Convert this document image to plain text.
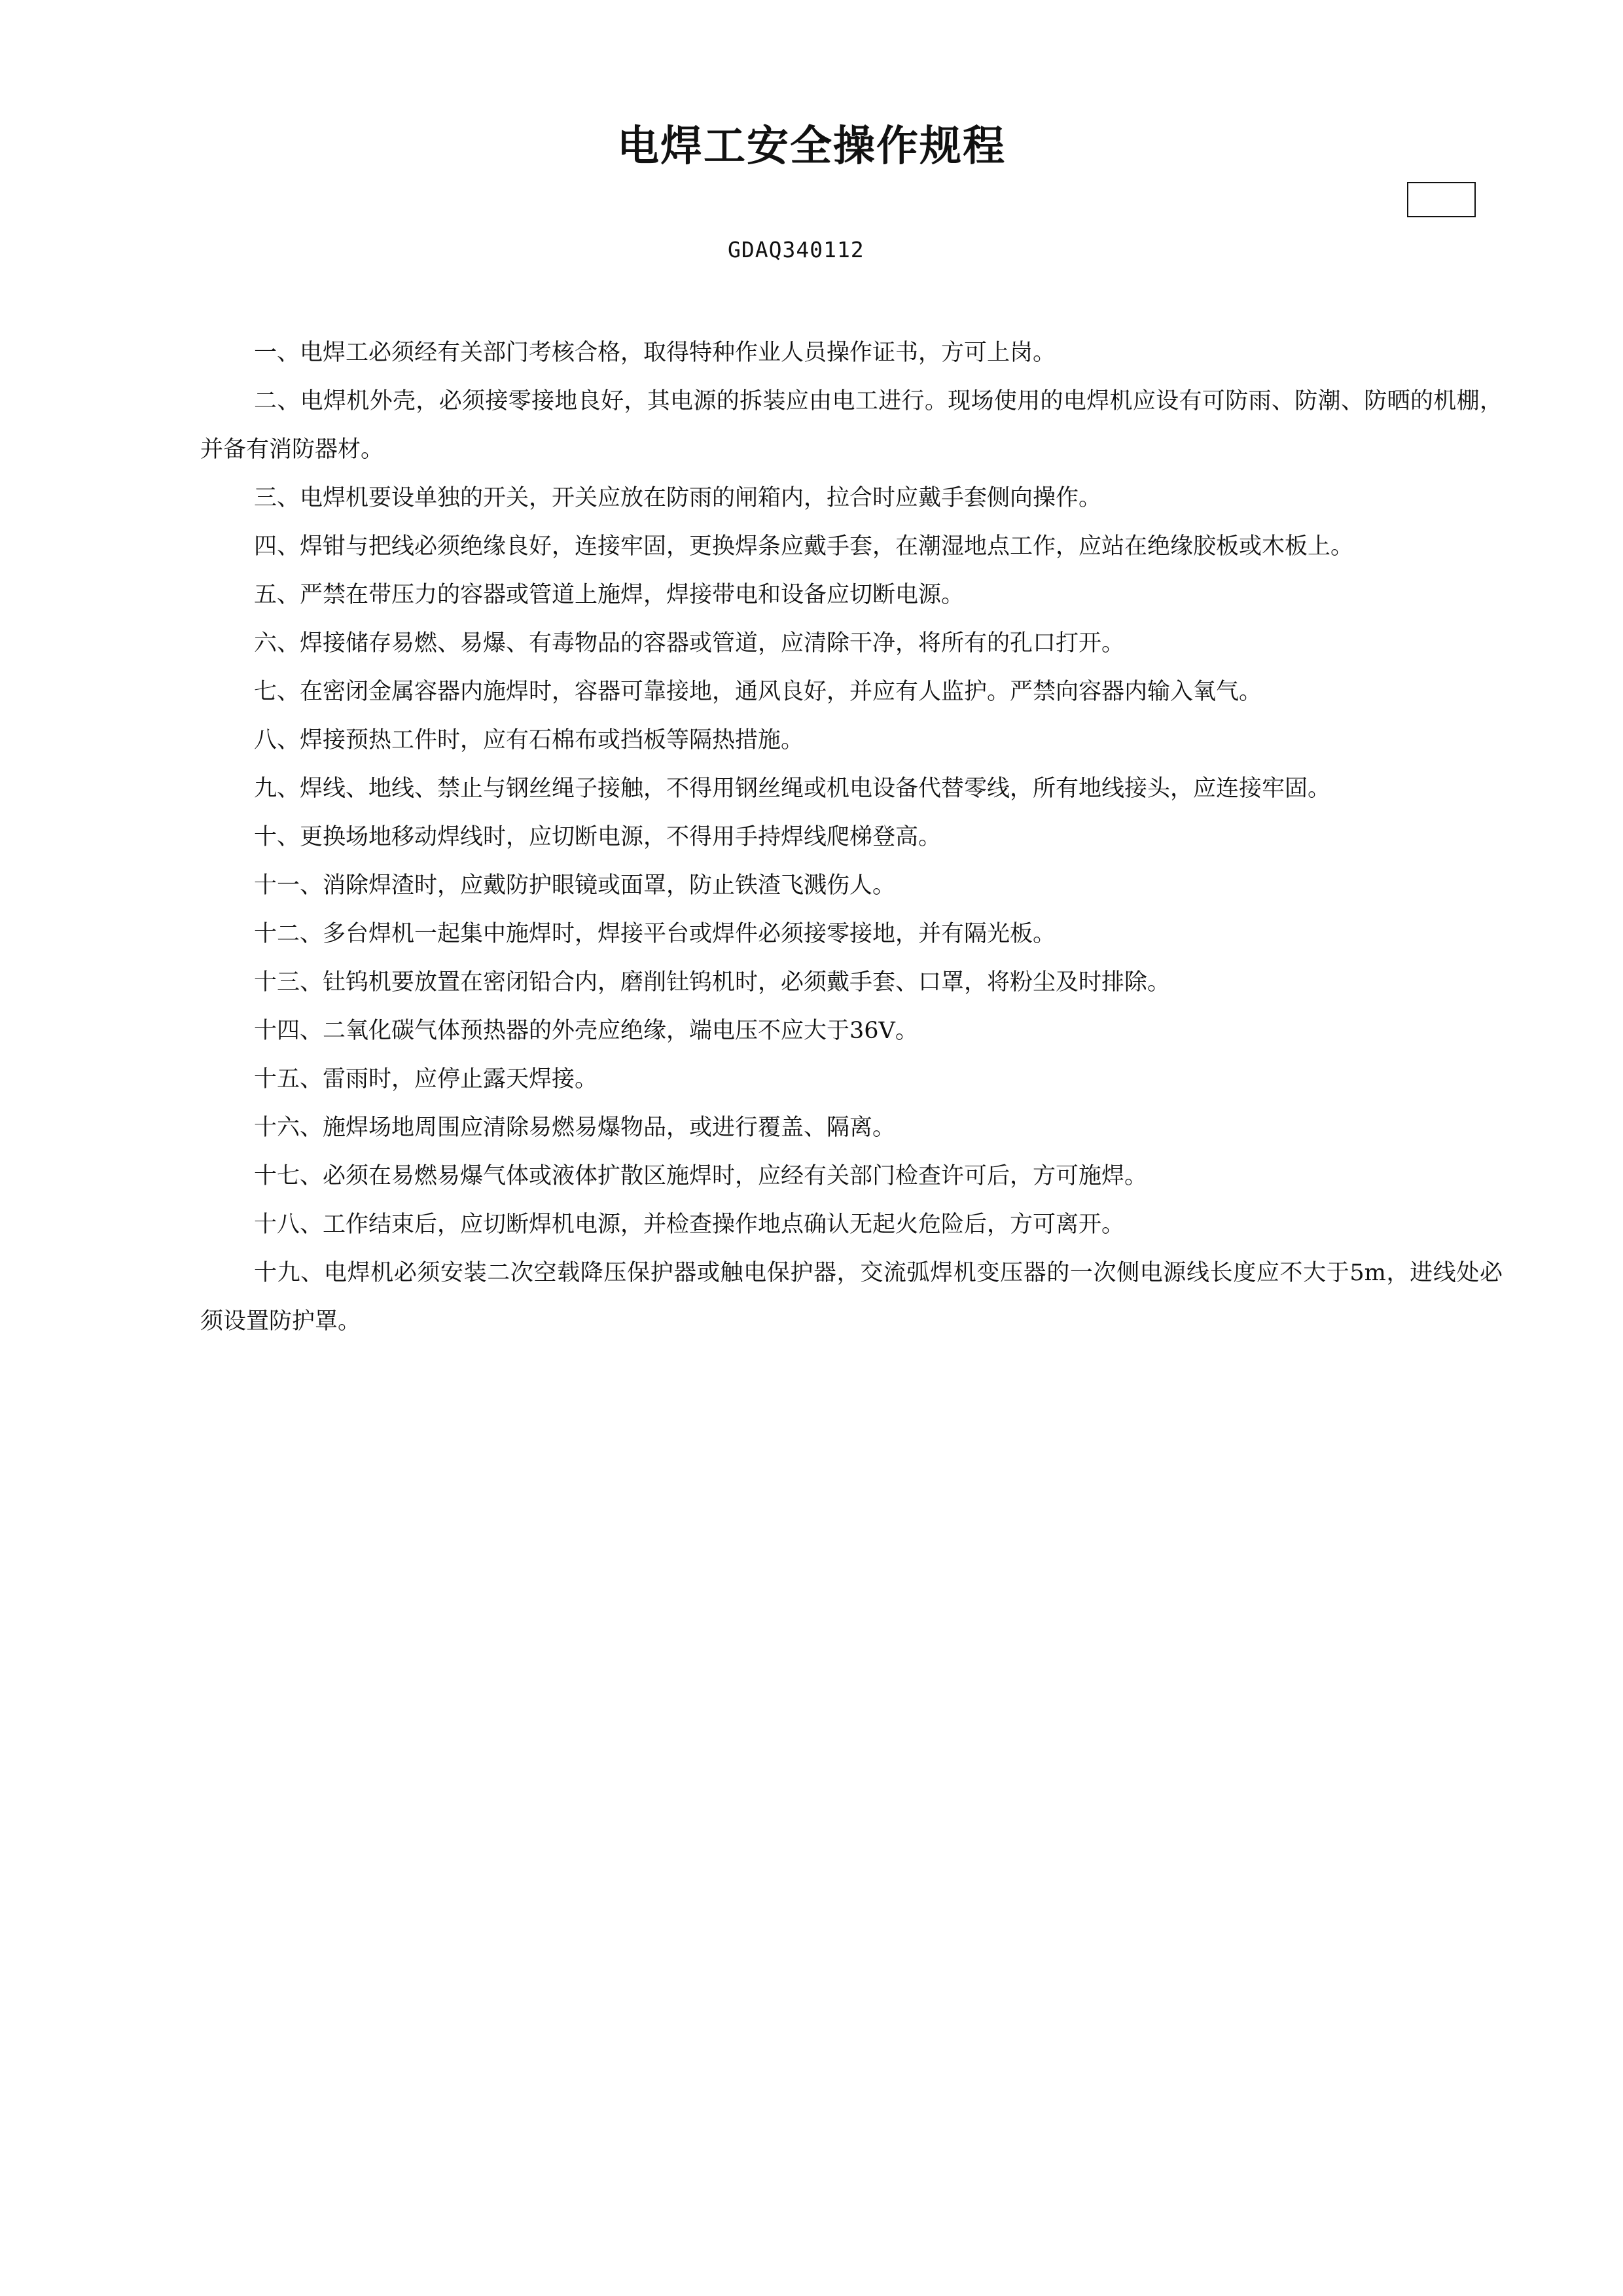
电焊工安全操作规程
GDAQ340112
一、电焊工必须经有关部门考核合格，取得特种作业人员操作证书，方可上岗。
二、电焊机外壳，必须接零接地良好，其电源的拆装应由电工进行。现场使用的电焊机应设有可防雨、防潮、防晒的机棚，并备有消防器材。
三、电焊机要设单独的开关，开关应放在防雨的闸箱内，拉合时应戴手套侧向操作。
四、焊钳与把线必须绝缘良好，连接牢固，更换焊条应戴手套，在潮湿地点工作，应站在绝缘胶板或木板上。
五、严禁在带压力的容器或管道上施焊，焊接带电和设备应切断电源。
六、焊接储存易燃、易爆、有毒物品的容器或管道，应清除干净，将所有的孔口打开。
七、在密闭金属容器内施焊时，容器可靠接地，通风良好，并应有人监护。严禁向容器内输入氧气。
八、焊接预热工件时，应有石棉布或挡板等隔热措施。
九、焊线、地线、禁止与钢丝绳子接触，不得用钢丝绳或机电设备代替零线，所有地线接头，应连接牢固。
十、更换场地移动焊线时，应切断电源，不得用手持焊线爬梯登高。
十一、消除焊渣时，应戴防护眼镜或面罩，防止铁渣飞溅伤人。
十二、多台焊机一起集中施焊时，焊接平台或焊件必须接零接地，并有隔光板。
十三、钍钨机要放置在密闭铅合内，磨削钍钨机时，必须戴手套、口罩，将粉尘及时排除。
十四、二氧化碳气体预热器的外壳应绝缘，端电压不应大于36V。
十五、雷雨时，应停止露天焊接。
十六、施焊场地周围应清除易燃易爆物品，或进行覆盖、隔离。
十七、必须在易燃易爆气体或液体扩散区施焊时，应经有关部门检查许可后，方可施焊。
十八、工作结束后，应切断焊机电源，并检查操作地点确认无起火危险后，方可离开。
十九、电焊机必须安装二次空载降压保护器或触电保护器，交流弧焊机变压器的一次侧电源线长度应不大于5m，进线处必须设置防护罩。
